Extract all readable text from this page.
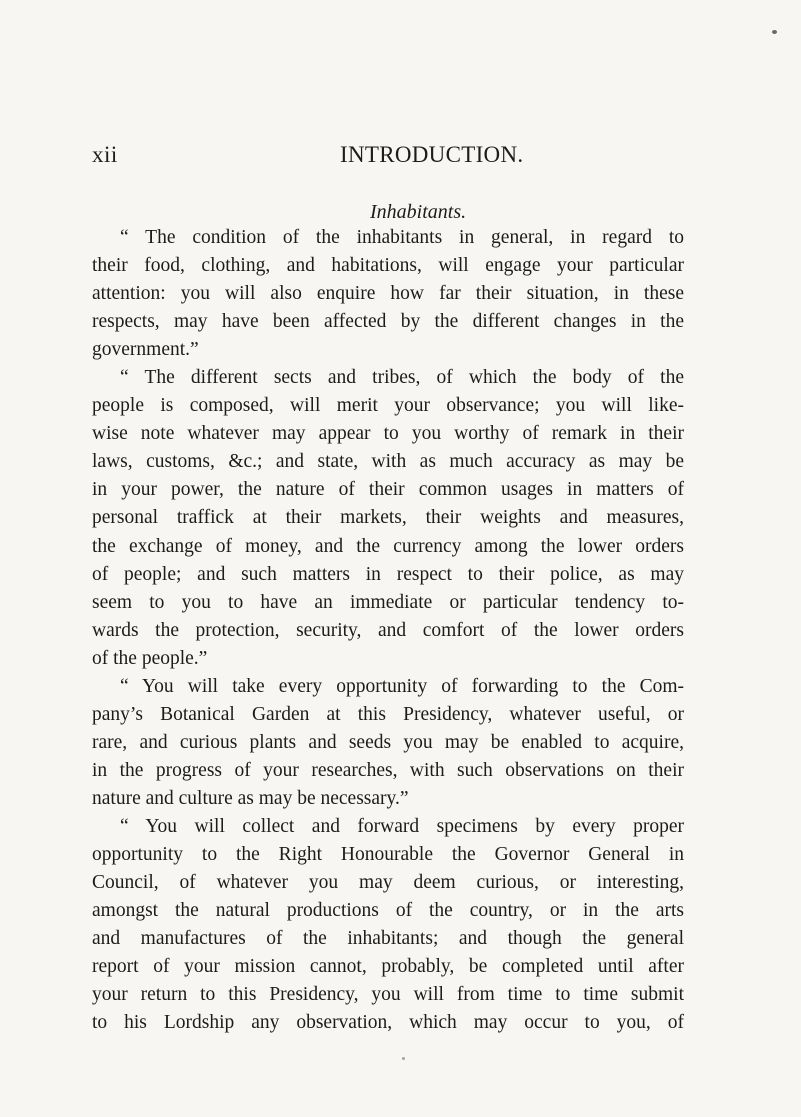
xii	INTRODUCTION.
Inhabitants.
“ The condition of the inhabitants in general, in regard to
their food, clothing, and habitations, will engage your particular
attention: you will also enquire how far their situation, in these
respects, may have been affected by the different changes in the
government.”
“ The different sects and tribes, of which the body of the
people is composed, will merit your observance; you will like-
wise note whatever may appear to you worthy of remark in their
laws, customs, &c.; and state, with as much accuracy as may be
in your power, the nature of their common usages in matters of
personal traffick at their markets, their weights and measures,
the exchange of money, and the currency among the lower orders
of people; and such matters in respect to their police, as may
seem to you to have an immediate or particular tendency to-
wards the protection, security, and comfort of the lower orders
of the people.”
“ You will take every opportunity of forwarding to the Com-
pany’s Botanical Garden at this Presidency, whatever useful, or
rare, and curious plants and seeds you may be enabled to acquire,
in the progress of your researches, with such observations on their
nature and culture as may be necessary.”
“ You will collect and forward specimens by every proper
opportunity to the Right Honourable the Governor General in
Council, of whatever you may deem curious, or interesting,
amongst the natural productions of the country, or in the arts
and manufactures of the inhabitants; and though the general
report of your mission cannot, probably, be completed until after
your return to this Presidency, you will from time to time submit
to his Lordship any observation, which may occur to you, of
